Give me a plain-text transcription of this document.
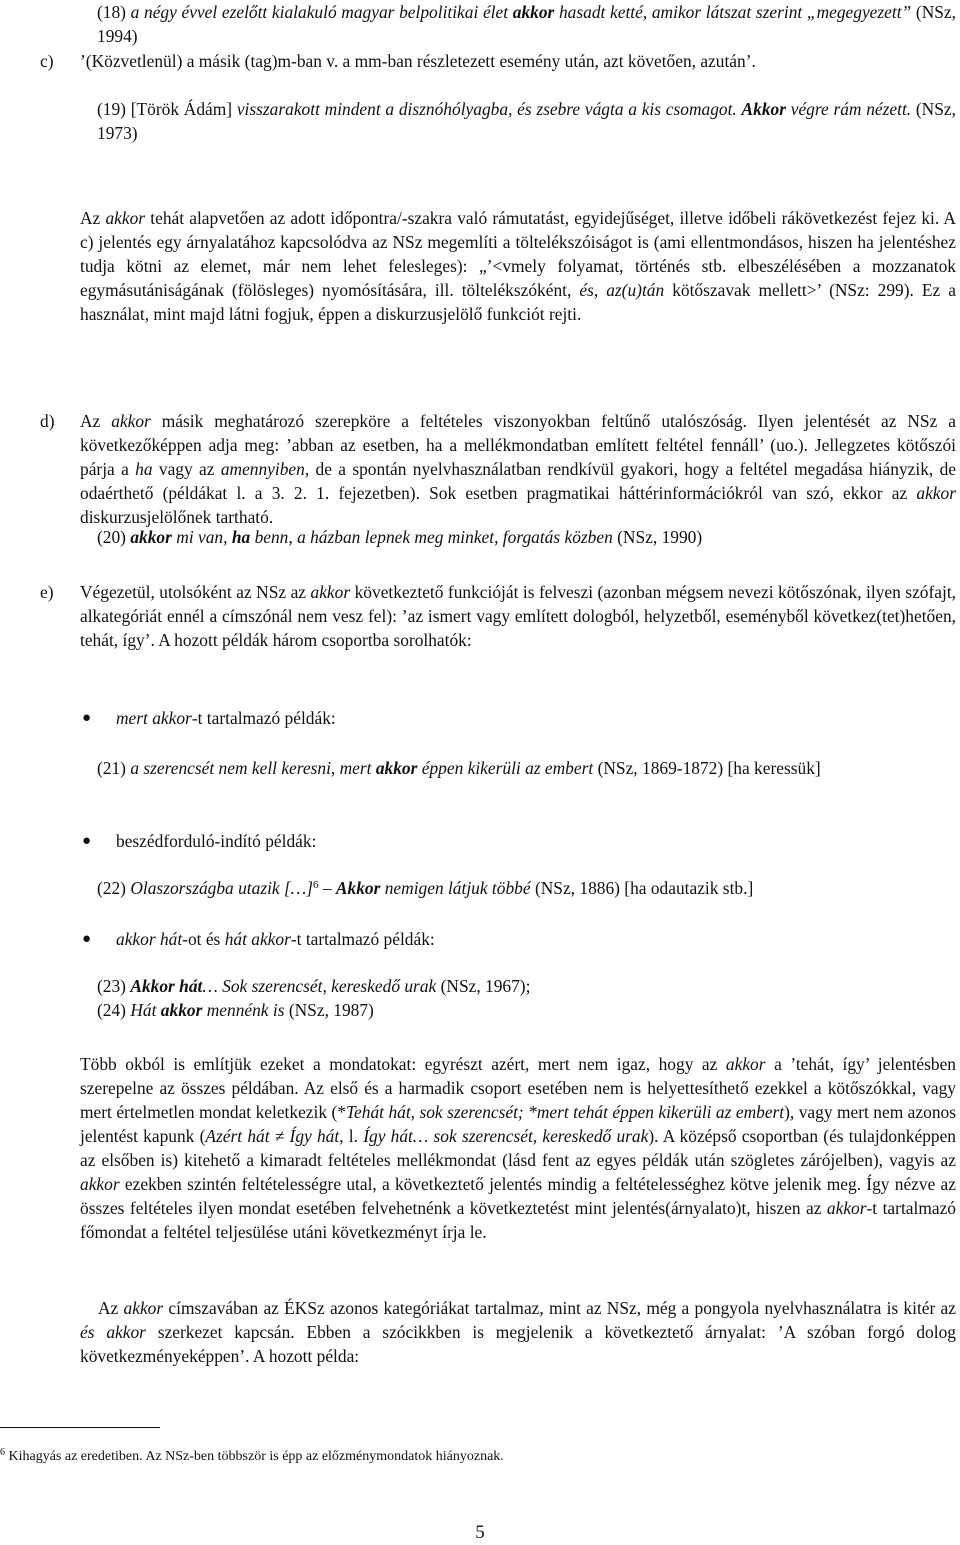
(18) a négy évvel ezelőtt kialakuló magyar belpolitikai élet akkor hasadt ketté, amikor látszat szerint „megegyezett” (NSz, 1994)

c) ’(Közvetlenül) a másik (tag)m-ban v. a mm-ban részletezett esemény után, azt követően, azután’.

(19) [Török Ádám] visszarakott mindent a disznóhólyagba, és zsebre vágta a kis csomagot. Akkor végre rám nézett. (NSz, 1973)

Az akkor tehát alapvetően az adott időpontra/-szakra való rámutatást, egyidejűséget, illetve időbeli rákövetkezést fejez ki. A c) jelentés egy árnyalatához kapcsolódva az NSz megemlíti a töltelékszóiságot is (ami ellentmondásos, hiszen ha jelentéshez tudja kötni az elemet, már nem lehet felesleges): „’<vmely folyamat, történés stb. elbeszélésében a mozzanatok egymásutániságának (fölösleges) nyomósítására, ill. töltelékszóként, és, az(u)tán kötőszavak mellett>’ (NSz: 299). Ez a használat, mint majd látni fogjuk, éppen a diskurzusjelölő funkciót rejti.

d) Az akkor másik meghatározó szerepköre a feltételes viszonyokban feltűnő utalószóság. Ilyen jelentését az NSz a következőképpen adja meg: ’abban az esetben, ha a mellékmondatban említett feltétel fennáll’ (uo.). Jellegzetes kötőszói párja a ha vagy az amennyiben, de a spontán nyelvhasználatban rendkívül gyakori, hogy a feltétel megadása hiányzik, de odaérthető (példákat l. a 3. 2. 1. fejezetben). Sok esetben pragmatikai háttérinformációkról van szó, ekkor az akkor diskurzusjelölőnek tartható.

(20) akkor mi van, ha benn, a házban lepnek meg minket, forgatás közben (NSz, 1990)

e) Végezetül, utolsóként az NSz az akkor következtető funkcióját is felveszi (azonban mégsem nevezi kötőszónak, ilyen szófajt, alkategóriát ennél a címszónál nem vesz fel): ’az ismert vagy említett dologból, helyzetből, eseményből következ(tet)hetően, tehát, így’. A hozott példák három csoportba sorolhatók:

● mert akkor-t tartalmazó példák:

(21) a szerencsét nem kell keresni, mert akkor éppen kikerüli az embert (NSz, 1869-1872) [ha keressük]

● beszédforduló-indító példák:

(22) Olaszországba utazik […]$^6$ – Akkor nemigen látjuk többé (NSz, 1886) [ha odautazik stb.]

● akkor hát-ot és hát akkor-t tartalmazó példák:

(23) Akkor hát… Sok szerencsét, kereskedő urak (NSz, 1967);

(24) Hát akkor mennénk is (NSz, 1987)

Több okból is említjük ezeket a mondatokat: egyrészt azért, mert nem igaz, hogy az akkor a ’tehát, így’ jelentésben szerepelne az összes példában. Az első és a harmadik csoport esetében nem is helyettesíthető ezekkel a kötőszókkal, vagy mert értelmetlen mondat keletkezik (*Tehát hát, sok szerencsét; *mert tehát éppen kikerüli az embert), vagy mert nem azonos jelentést kapunk (Azért hát ≠ Így hát, l. Így hát… sok szerencsét, kereskedő urak). A középső csoportban (és tulajdonképpen az elsőben is) kitehető a kimaradt feltételes mellékmondat (lásd fent az egyes példák után szögletes zárójelben), vagyis az akkor ezekben szintén feltételességre utal, a következtető jelentés mindig a feltételességhez kötve jelenik meg. Így nézve az összes feltételes ilyen mondat esetében felvehetnénk a következtetést mint jelentés(árnyalato)t, hiszen az akkor-t tartalmazó főmondat a feltétel teljesülése utáni következményt írja le.

Az akkor címszavában az ÉKSz azonos kategóriákat tartalmaz, mint az NSz, még a pongyola nyelvhasználatra is kitér az és akkor szerkezet kapcsán. Ebben a szócikkben is megjelenik a következtető árnyalat: ’A szóban forgó dolog következményeképpen’. A hozott példa:

$^6$ Kihagyás az eredetiben. Az NSz-ben többször is épp az előzménymondatok hiányoznak.

5
